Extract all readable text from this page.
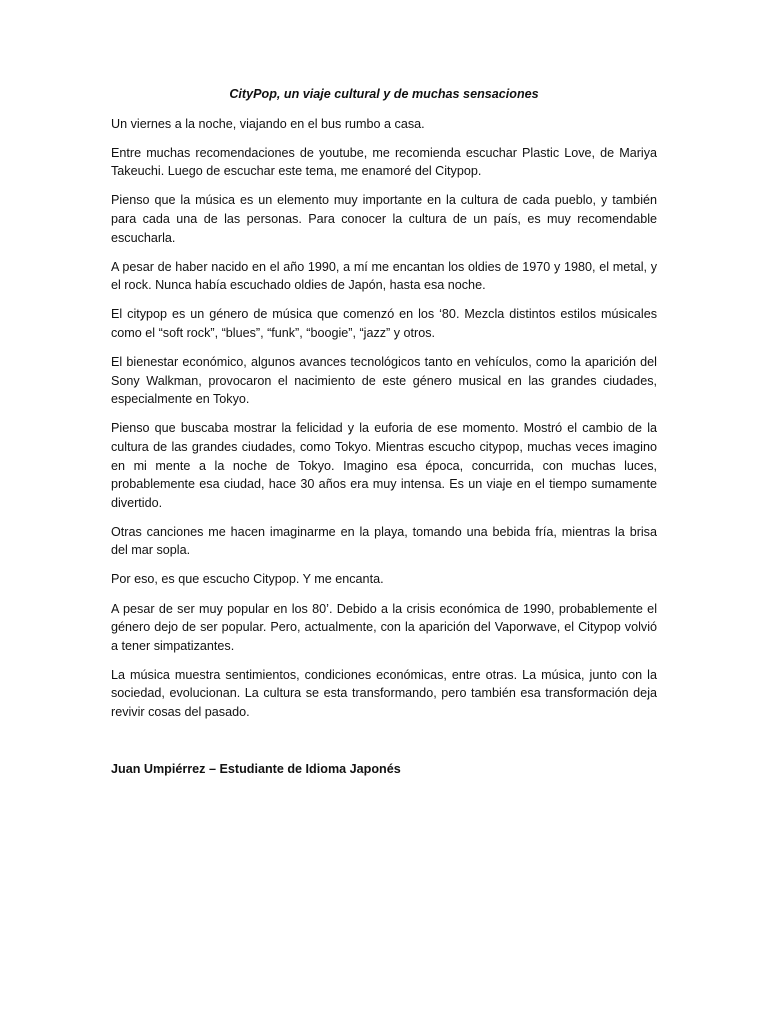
CityPop, un viaje cultural y de muchas sensaciones

Un viernes a la noche, viajando en el bus rumbo a casa.

Entre muchas recomendaciones de youtube, me recomienda escuchar Plastic Love, de Mariya Takeuchi. Luego de escuchar este tema, me enamoré del Citypop.

Pienso que la música es un elemento muy importante en la cultura de cada pueblo, y también para cada una de las personas. Para conocer la cultura de un país, es muy recomendable escucharla.

A pesar de haber nacido en el año 1990, a mí me encantan los oldies de 1970 y 1980, el metal, y el rock. Nunca había escuchado oldies de Japón, hasta esa noche.

El citypop es un género de música que comenzó en los ‘80. Mezcla distintos estilos músicales como el “soft rock”, “blues”, “funk”, “boogie”, “jazz” y otros.

El bienestar económico, algunos avances tecnológicos tanto en vehículos, como la aparición del Sony Walkman, provocaron el nacimiento de este género musical en las grandes ciudades, especialmente en Tokyo.

Pienso que buscaba mostrar la felicidad y la euforia de ese momento. Mostró el cambio de la cultura de las grandes ciudades, como Tokyo. Mientras escucho citypop, muchas veces imagino en mi mente a la noche de Tokyo. Imagino esa época, concurrida, con muchas luces, probablemente esa ciudad, hace 30 años era muy intensa. Es un viaje en el tiempo sumamente divertido.

Otras canciones me hacen imaginarme en la playa, tomando una bebida fría, mientras la brisa del mar sopla.

Por eso, es que escucho Citypop. Y me encanta.

A pesar de ser muy popular en los 80’. Debido a la crisis económica de 1990, probablemente el género dejo de ser popular. Pero, actualmente, con la aparición del Vaporwave, el Citypop volvió a tener simpatizantes.

La música muestra sentimientos, condiciones económicas, entre otras. La música, junto con la sociedad, evolucionan. La cultura se esta transformando, pero también esa transformación deja revivir cosas del pasado.

Juan Umpiérrez – Estudiante de Idioma Japonés
